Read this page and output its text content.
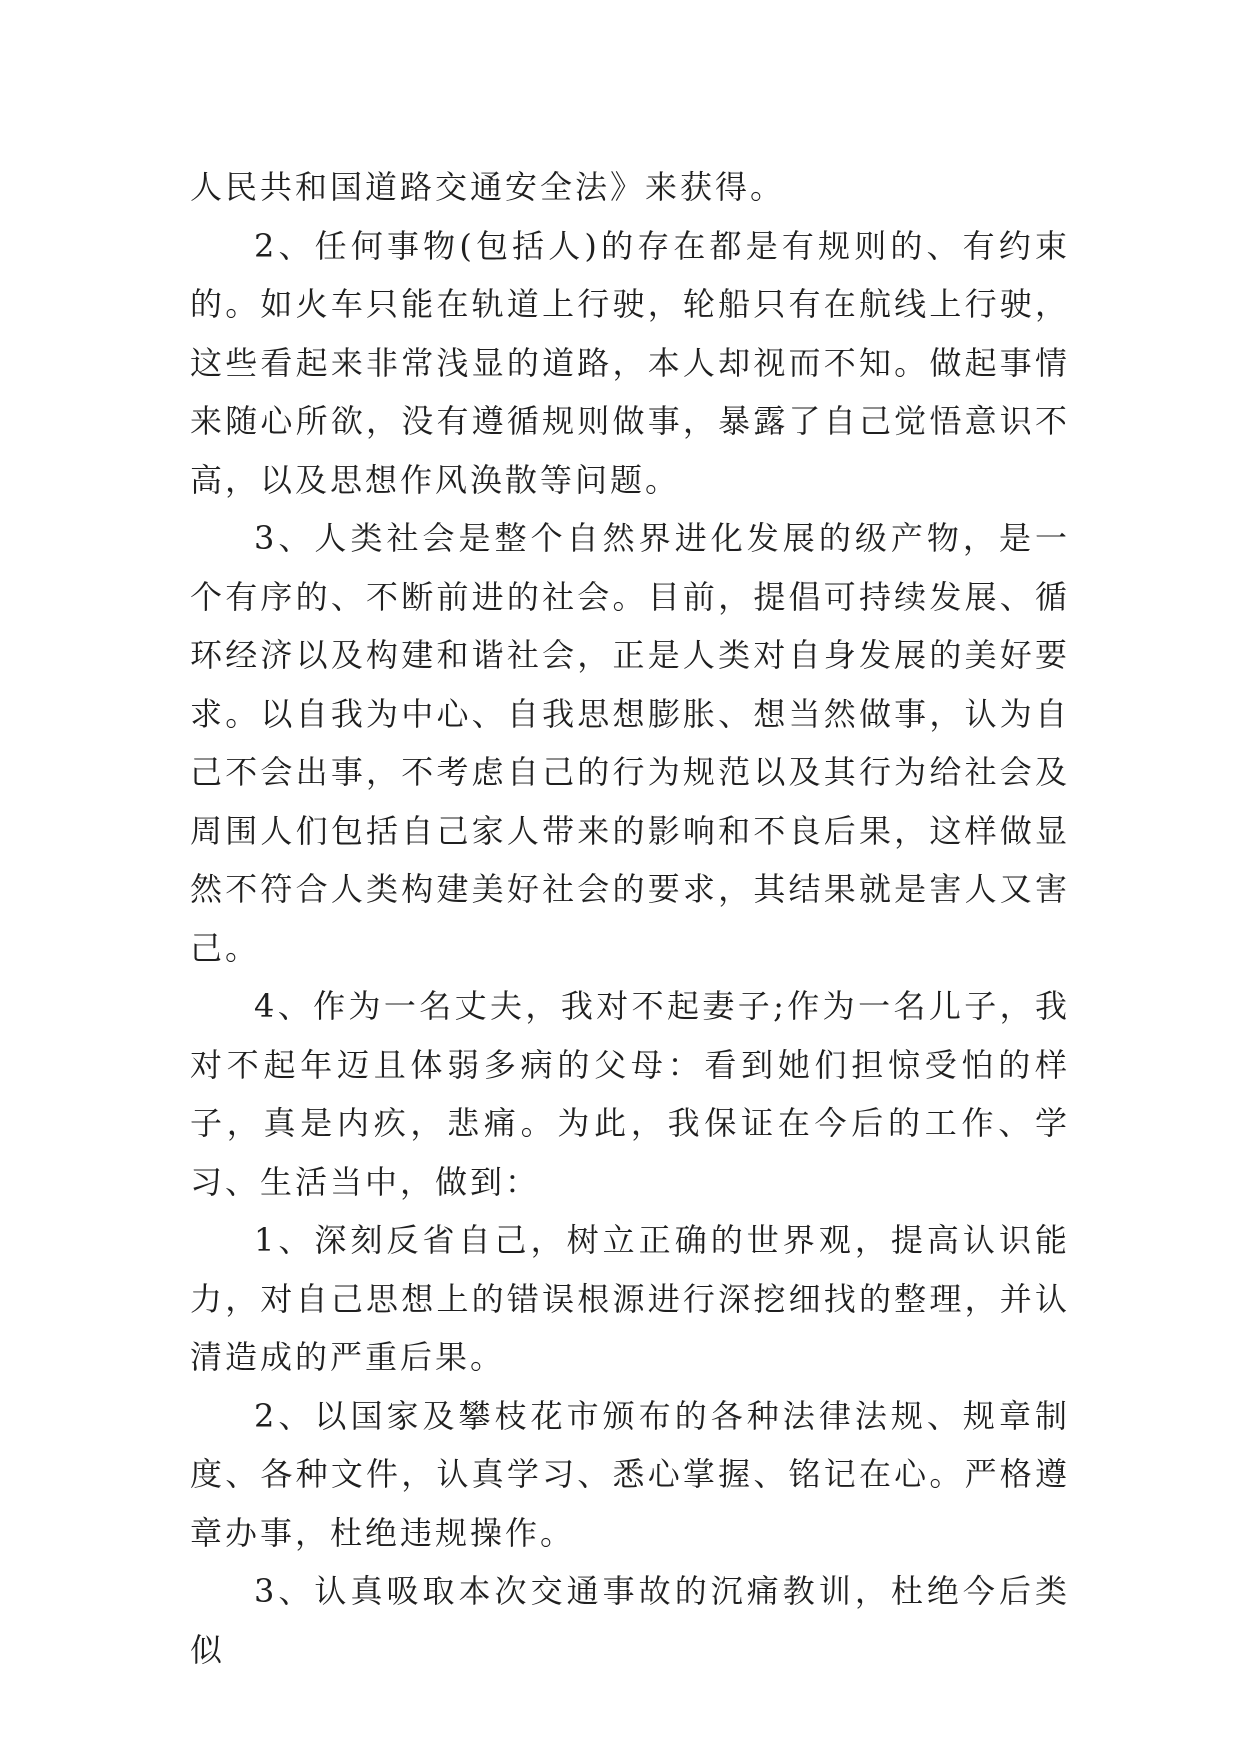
人民共和国道路交通安全法》来获得。

2、任何事物(包括人)的存在都是有规则的、有约束的。如火车只能在轨道上行驶，轮船只有在航线上行驶，这些看起来非常浅显的道路，本人却视而不知。做起事情来随心所欲，没有遵循规则做事，暴露了自己觉悟意识不高，以及思想作风涣散等问题。

3、人类社会是整个自然界进化发展的级产物，是一个有序的、不断前进的社会。目前，提倡可持续发展、循环经济以及构建和谐社会，正是人类对自身发展的美好要求。以自我为中心、自我思想膨胀、想当然做事，认为自己不会出事，不考虑自己的行为规范以及其行为给社会及周围人们包括自己家人带来的影响和不良后果，这样做显然不符合人类构建美好社会的要求，其结果就是害人又害己。

4、作为一名丈夫，我对不起妻子;作为一名儿子，我对不起年迈且体弱多病的父母：看到她们担惊受怕的样子，真是内疚，悲痛。为此，我保证在今后的工作、学习、生活当中，做到：

1、深刻反省自己，树立正确的世界观，提高认识能力，对自己思想上的错误根源进行深挖细找的整理，并认清造成的严重后果。

2、以国家及攀枝花市颁布的各种法律法规、规章制度、各种文件，认真学习、悉心掌握、铭记在心。严格遵章办事，杜绝违规操作。

3、认真吸取本次交通事故的沉痛教训，杜绝今后类似
